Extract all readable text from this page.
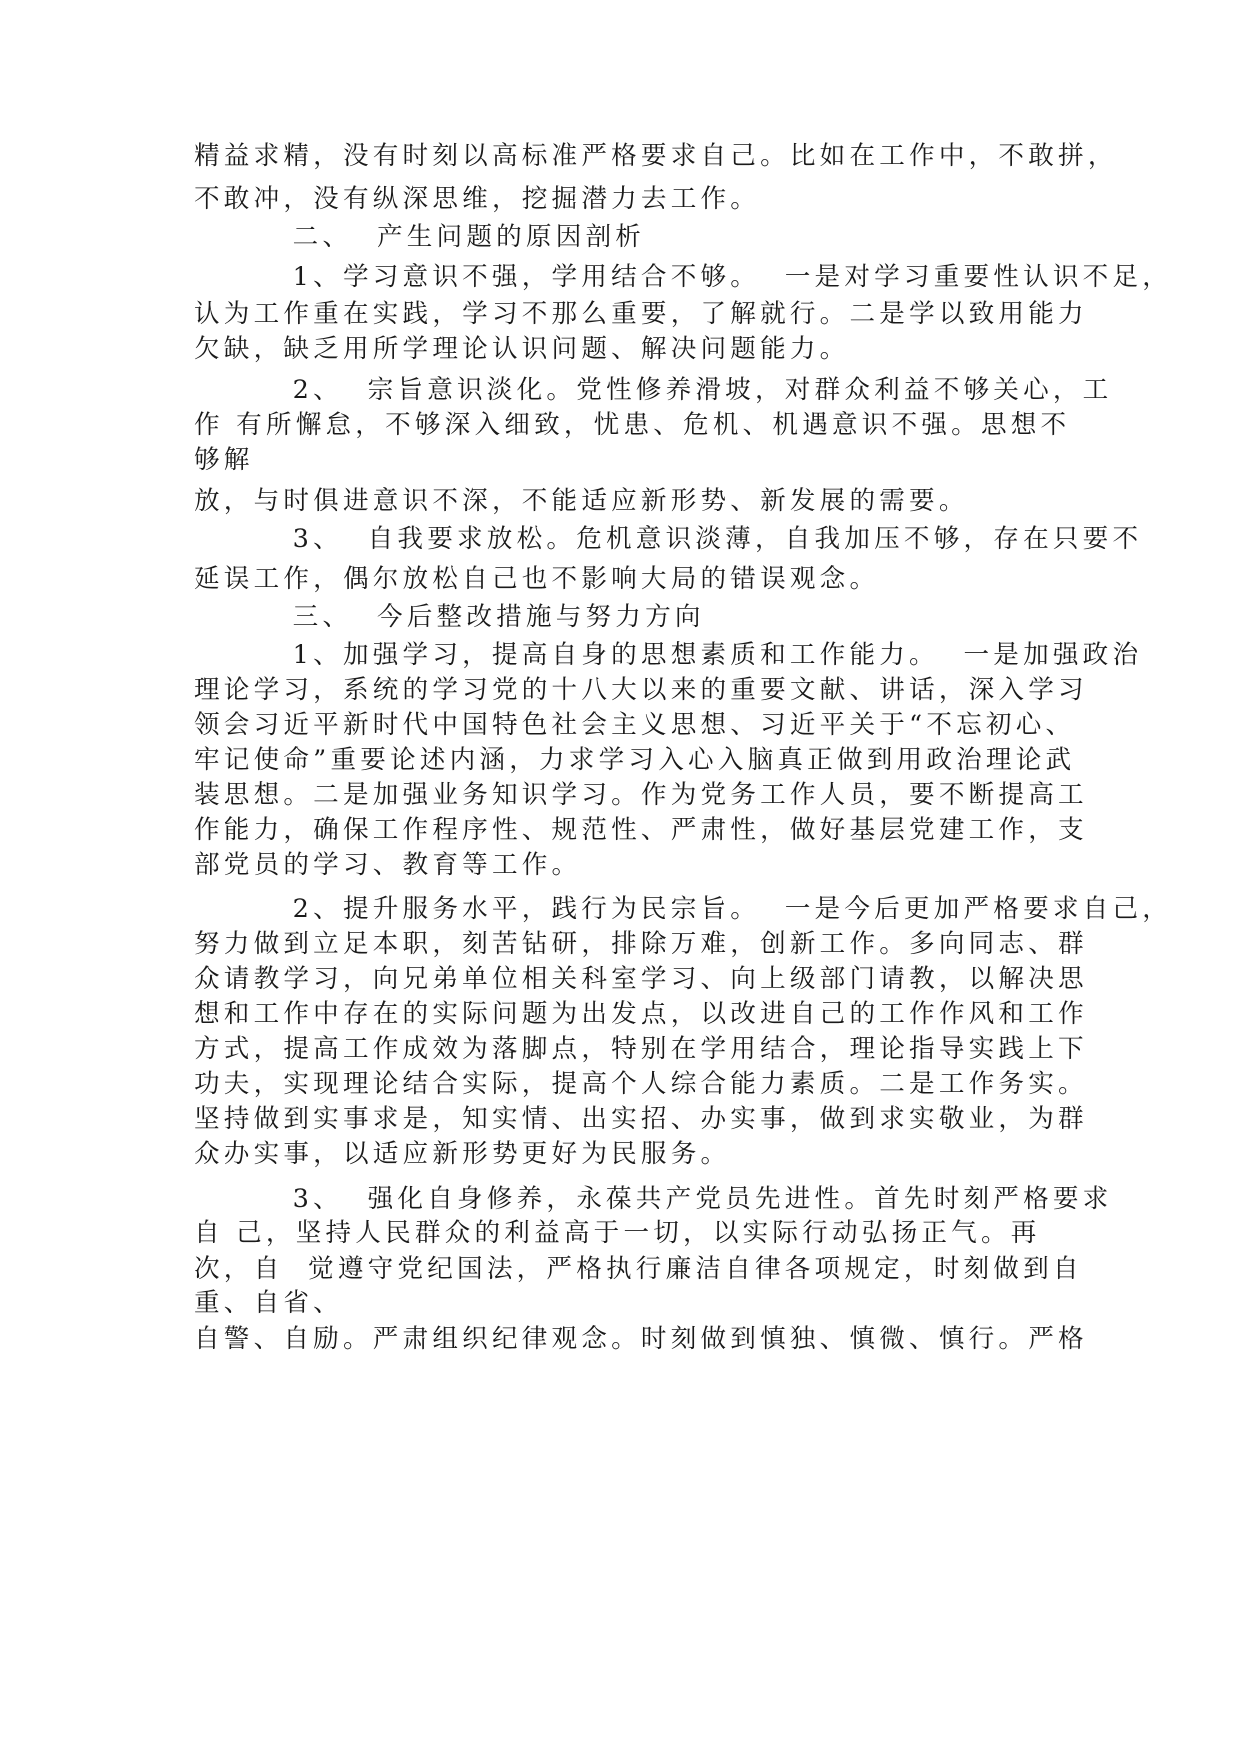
精益求精，没有时刻以高标准严格要求自己。比如在工作中，不敢拼，

不敢冲，没有纵深思维，挖掘潜力去工作。

二、  产生问题的原因剖析

1、学习意识不强，学用结合不够。  一是对学习重要性认识不足，

认为工作重在实践，学习不那么重要，了解就行。二是学以致用能力

欠缺，缺乏用所学理论认识问题、解决问题能力。

2、  宗旨意识淡化。党性修养滑坡，对群众利益不够关心，工

作 有所懈怠，不够深入细致，忧患、危机、机遇意识不强。思想不

够解

放，与时俱进意识不深，不能适应新形势、新发展的需要。

3、  自我要求放松。危机意识淡薄，自我加压不够，存在只要不

延误工作，偶尔放松自己也不影响大局的错误观念。

三、  今后整改措施与努力方向

1、加强学习，提高自身的思想素质和工作能力。  一是加强政治

理论学习，系统的学习党的十八大以来的重要文献、讲话，深入学习

领会习近平新时代中国特色社会主义思想、习近平关于“不忘初心、

牢记使命”重要论述内涵，力求学习入心入脑真正做到用政治理论武

装思想。二是加强业务知识学习。作为党务工作人员，要不断提高工

作能力，确保工作程序性、规范性、严肃性，做好基层党建工作，支

部党员的学习、教育等工作。

2、提升服务水平，践行为民宗旨。  一是今后更加严格要求自己，

努力做到立足本职，刻苦钻研，排除万难，创新工作。多向同志、群

众请教学习，向兄弟单位相关科室学习、向上级部门请教，以解决思

想和工作中存在的实际问题为出发点，以改进自己的工作作风和工作

方式，提高工作成效为落脚点，特别在学用结合，理论指导实践上下

功夫，实现理论结合实际，提高个人综合能力素质。二是工作务实。

坚持做到实事求是，知实情、出实招、办实事，做到求实敬业，为群

众办实事，以适应新形势更好为民服务。

3、  强化自身修养，永葆共产党员先进性。首先时刻严格要求

自 己，坚持人民群众的利益高于一切，以实际行动弘扬正气。再

次，自  觉遵守党纪国法，严格执行廉洁自律各项规定，时刻做到自

重、自省、

自警、自励。严肃组织纪律观念。时刻做到慎独、慎微、慎行。严格
